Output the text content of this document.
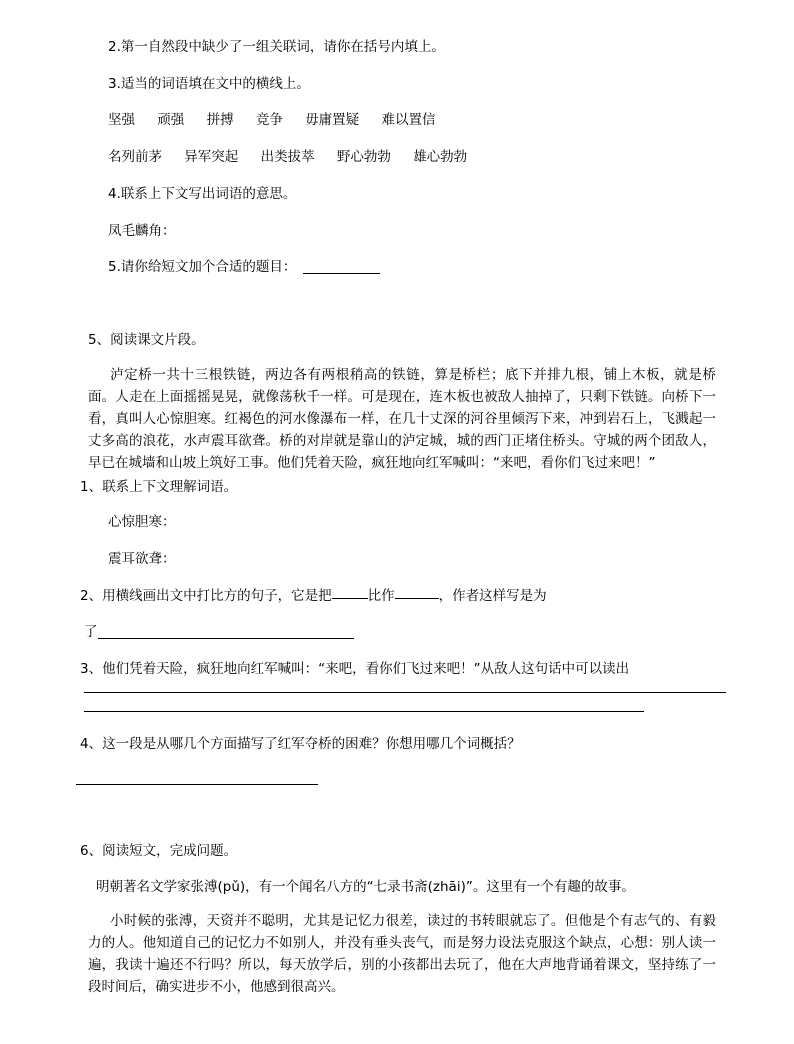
2.第一自然段中缺少了一组关联词，请你在括号内填上。
3.适当的词语填在文中的横线上。
坚强 顽强 拼搏 竞争 毋庸置疑 难以置信
名列前茅 异军突起 出类拔萃 野心勃勃 雄心勃勃
4.联系上下文写出词语的意思。
凤毛麟角：
5.请你给短文加个合适的题目：
5、阅读课文片段。
泸定桥一共十三根铁链，两边各有两根稍高的铁链，算是桥栏；底下并排九根，铺上木板，就是桥面。人走在上面摇摇晃晃，就像荡秋千一样。可是现在，连木板也被敌人抽掉了，只剩下铁链。向桥下一看，真叫人心惊胆寒。红褐色的河水像瀑布一样，在几十丈深的河谷里倾泻下来，冲到岩石上，飞溅起一丈多高的浪花，水声震耳欲聋。桥的对岸就是靠山的泸定城，城的西门正堵住桥头。守城的两个团敌人，早已在城墙和山坡上筑好工事。他们凭着天险，疯狂地向红军喊叫：“来吧，看你们飞过来吧！”
1、联系上下文理解词语。
心惊胆寒：
震耳欲聋：
2、用横线画出文中打比方的句子，它是把	比作	，作者这样写是为
了
3、他们凭着天险，疯狂地向红军喊叫：“来吧，看你们飞过来吧！”从敌人这句话中可以读出
4、这一段是从哪几个方面描写了红军夺桥的困难？你想用哪几个词概括？
6、阅读短文，完成问题。
明朝著名文学家张溥(pǔ)，有一个闻名八方的“七录书斋(zhāi)”。这里有一个有趣的故事。
小时候的张溥，天资并不聪明，尤其是记忆力很差，读过的书转眼就忘了。但他是个有志气的、有毅力的人。他知道自己的记忆力不如别人，并没有垂头丧气，而是努力设法克服这个缺点，心想：别人读一遍，我读十遍还不行吗？所以，每天放学后，别的小孩都出去玩了，他在大声地背诵着课文，坚持练了一段时间后，确实进步不小，他感到很高兴。
